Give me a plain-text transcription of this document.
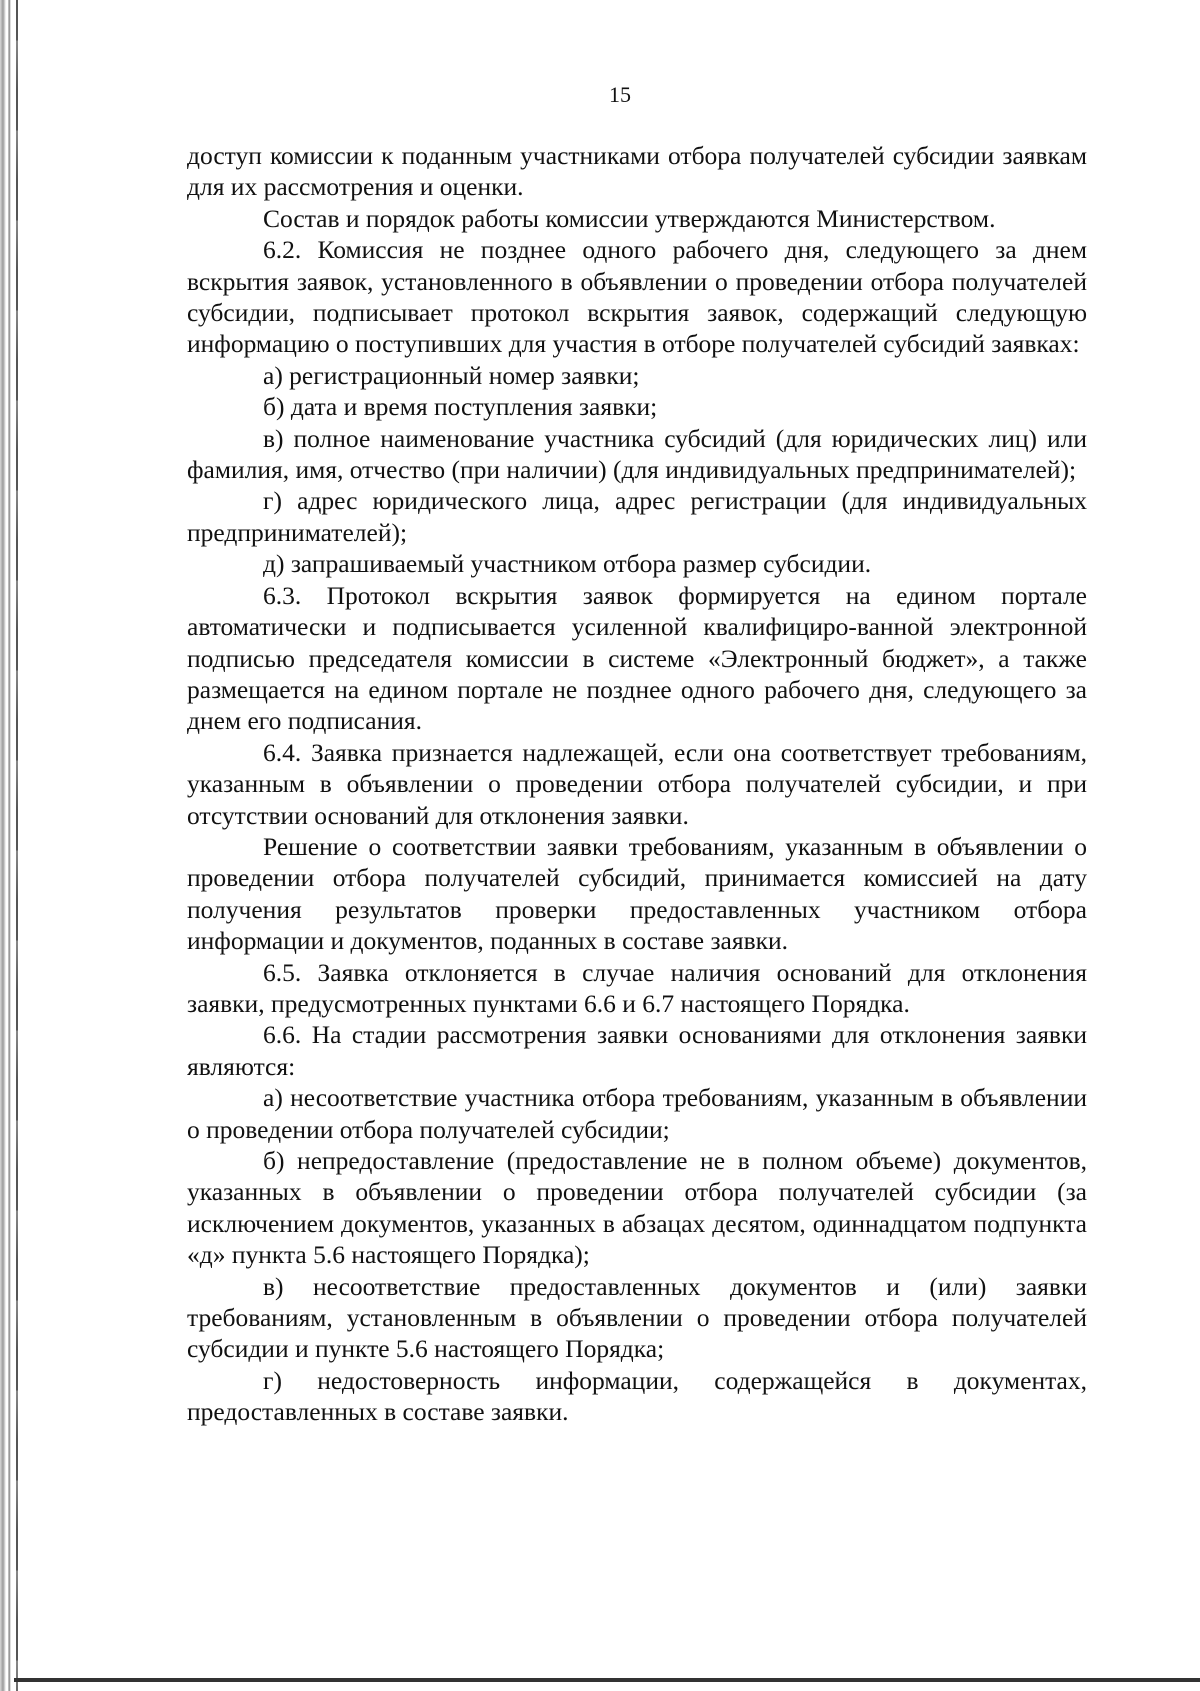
15

доступ комиссии к поданным участниками отбора получателей субсидии заявкам для их рассмотрения и оценки.

Состав и порядок работы комиссии утверждаются Министерством.

6.2. Комиссия не позднее одного рабочего дня, следующего за днем вскрытия заявок, установленного в объявлении о проведении отбора получателей субсидии, подписывает протокол вскрытия заявок, содержащий следующую информацию о поступивших для участия в отборе получателей субсидий заявках:

а) регистрационный номер заявки;

б) дата и время поступления заявки;

в) полное наименование участника субсидий (для юридических лиц) или фамилия, имя, отчество (при наличии) (для индивидуальных предпринимателей);

г) адрес юридического лица, адрес регистрации (для индивидуальных предпринимателей);

д) запрашиваемый участником отбора размер субсидии.

6.3. Протокол вскрытия заявок формируется на едином портале автоматически и подписывается усиленной квалифициро-ванной электронной подписью председателя комиссии в системе «Электронный бюджет», а также размещается на едином портале не позднее одного рабочего дня, следующего за днем его подписания.

6.4. Заявка признается надлежащей, если она соответствует требованиям, указанным в объявлении о проведении отбора получателей субсидии, и при отсутствии оснований для отклонения заявки.

Решение о соответствии заявки требованиям, указанным в объявлении о проведении отбора получателей субсидий, принимается комиссией на дату получения результатов проверки предоставленных участником отбора информации и документов, поданных в составе заявки.

6.5. Заявка отклоняется в случае наличия оснований для отклонения заявки, предусмотренных пунктами 6.6 и 6.7 настоящего Порядка.

6.6. На стадии рассмотрения заявки основаниями для отклонения заявки являются:

а) несоответствие участника отбора требованиям, указанным в объявлении о проведении отбора получателей субсидии;

б) непредоставление (предоставление не в полном объеме) документов, указанных в объявлении о проведении отбора получателей субсидии (за исключением документов, указанных в абзацах десятом, одиннадцатом подпункта «д» пункта 5.6 настоящего Порядка);

в) несоответствие предоставленных документов и (или) заявки требованиям, установленным в объявлении о проведении отбора получателей субсидии и пункте 5.6 настоящего Порядка;

г) недостоверность информации, содержащейся в документах, предоставленных в составе заявки.
